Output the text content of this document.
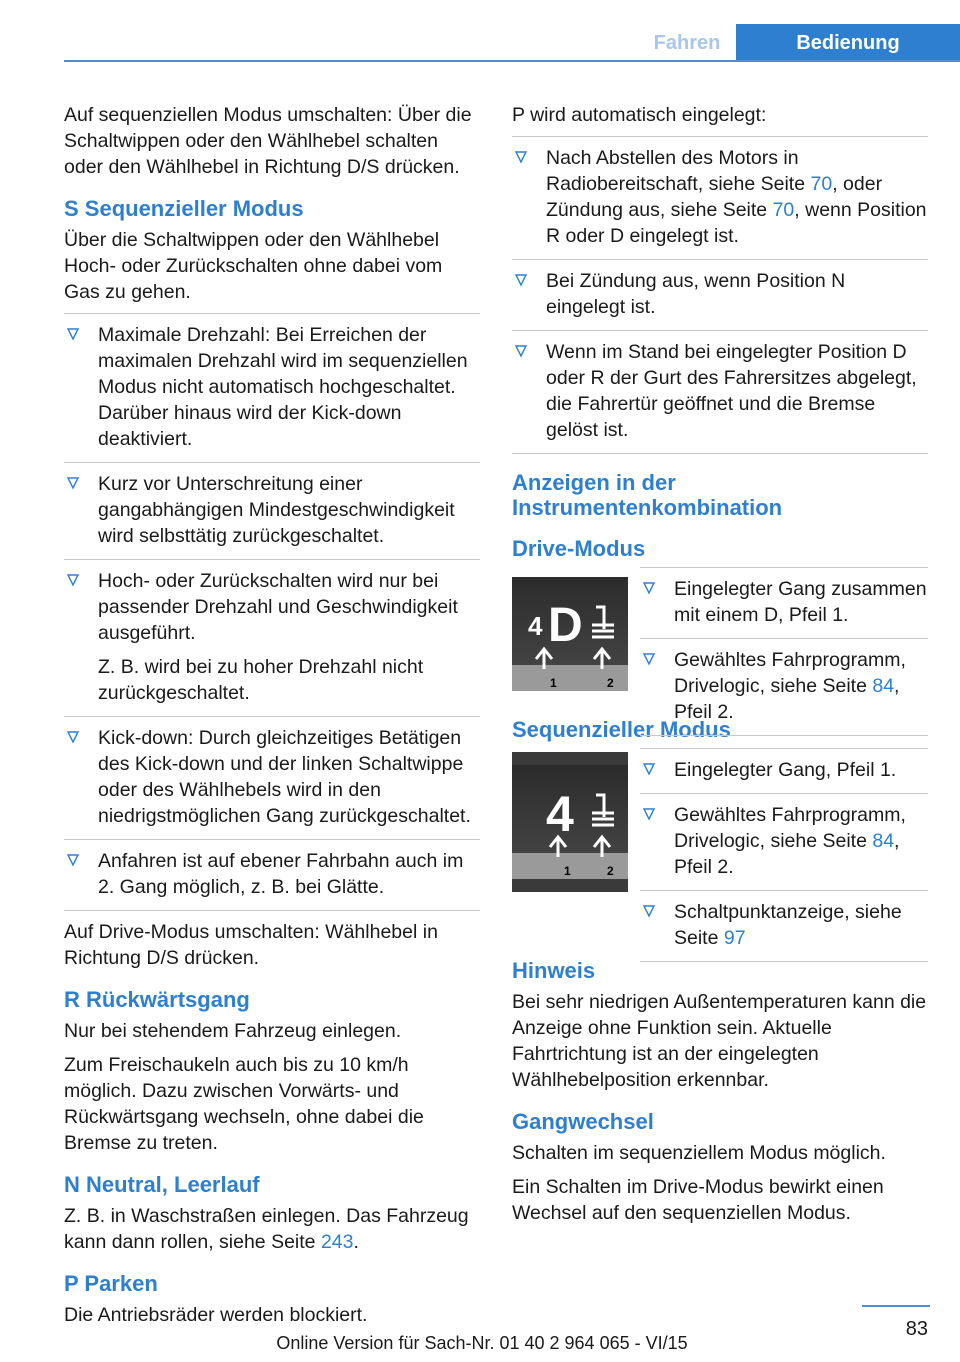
Fahren	Bedienung

Auf sequenziellen Modus umschalten: Über die Schaltwippen oder den Wählhebel schalten oder den Wählhebel in Richtung D/S drücken.

S Sequenzieller Modus

Über die Schaltwippen oder den Wählhebel Hoch- oder Zurückschalten ohne dabei vom Gas zu gehen.

Maximale Drehzahl: Bei Erreichen der maximalen Drehzahl wird im sequenziellen Modus nicht automatisch hochgeschaltet. Darüber hinaus wird der Kick-down deaktiviert.
Kurz vor Unterschreitung einer gangabhängigen Mindestgeschwindigkeit wird selbsttätig zurückgeschaltet.
Hoch- oder Zurückschalten wird nur bei passender Drehzahl und Geschwindigkeit ausgeführt.
Z. B. wird bei zu hoher Drehzahl nicht zurückgeschaltet.
Kick-down: Durch gleichzeitiges Betätigen des Kick-down und der linken Schaltwippe oder des Wählhebels wird in den niedrigstmöglichen Gang zurückgeschaltet.
Anfahren ist auf ebener Fahrbahn auch im 2. Gang möglich, z. B. bei Glätte.

Auf Drive-Modus umschalten: Wählhebel in Richtung D/S drücken.

R Rückwärtsgang

Nur bei stehendem Fahrzeug einlegen.

Zum Freischaukeln auch bis zu 10 km/h möglich. Dazu zwischen Vorwärts- und Rückwärtsgang wechseln, ohne dabei die Bremse zu treten.

N Neutral, Leerlauf

Z. B. in Waschstraßen einlegen. Das Fahrzeug kann dann rollen, siehe Seite 243.

P Parken

Die Antriebsräder werden blockiert.

P wird automatisch eingelegt:

Nach Abstellen des Motors in Radiobereitschaft, siehe Seite 70, oder Zündung aus, siehe Seite 70, wenn Position R oder D eingelegt ist.
Bei Zündung aus, wenn Position N eingelegt ist.
Wenn im Stand bei eingelegter Position D oder R der Gurt des Fahrersitzes abgelegt, die Fahrertür geöffnet und die Bremse gelöst ist.
Anzeigen in der Instrumentenkombination
Drive-Modus
4 D
1	2
Eingelegter Gang zusammen mit einem D, Pfeil 1.
Gewähltes Fahrprogramm, Drivelogic, siehe Seite 84, Pfeil 2.
Sequenzieller Modus
4
1	2
Eingelegter Gang, Pfeil 1.
Gewähltes Fahrprogramm, Drivelogic, siehe Seite 84, Pfeil 2.
Schaltpunktanzeige, siehe Seite 97
Hinweis

Bei sehr niedrigen Außentemperaturen kann die Anzeige ohne Funktion sein. Aktuelle Fahrtrichtung ist an der eingelegten Wählhebelposition erkennbar.

Gangwechsel

Schalten im sequenziellem Modus möglich.

Ein Schalten im Drive-Modus bewirkt einen Wechsel auf den sequenziellen Modus.

83
Online Version für Sach-Nr. 01 40 2 964 065 - VI/15
